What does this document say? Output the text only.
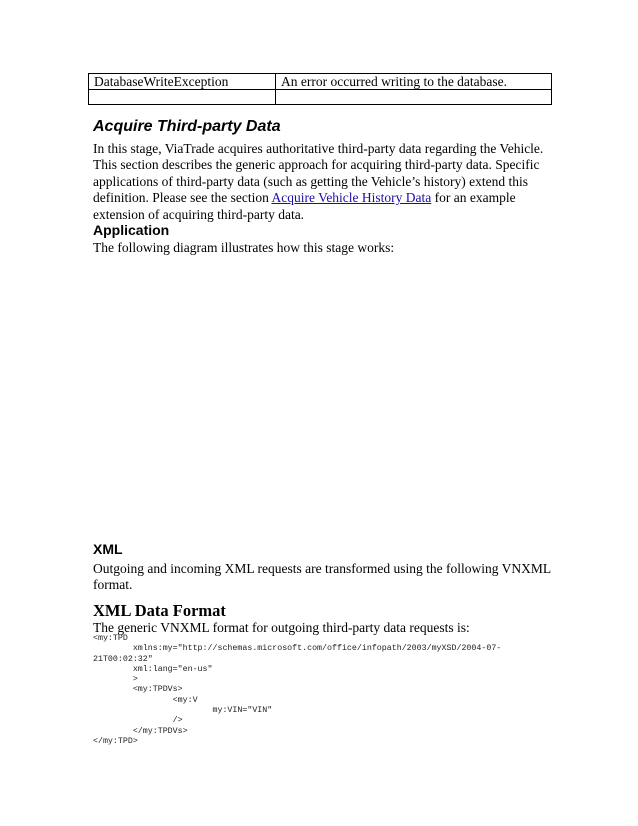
DatabaseWriteException	An error occurred writing to the database.

Acquire Third-party Data

In this stage, ViaTrade acquires authoritative third-party data regarding the Vehicle. This section describes the generic approach for acquiring third-party data. Specific applications of third-party data (such as getting the Vehicle’s history) extend this definition. Please see the section Acquire Vehicle History Data for an example extension of acquiring third-party data.

Application

The following diagram illustrates how this stage works:

XML

Outgoing and incoming XML requests are transformed using the following VNXML format.

XML Data Format

The generic VNXML format for outgoing third-party data requests is:

<my:TPD
xmlns:my="http://schemas.microsoft.com/office/infopath/2003/myXSD/2004-07-
21T00:02:32"
xml:lang="en-us"
>
<my:TPDVs>
<my:V
my:VIN="VIN"
/>
</my:TPDVs>
</my:TPD>
